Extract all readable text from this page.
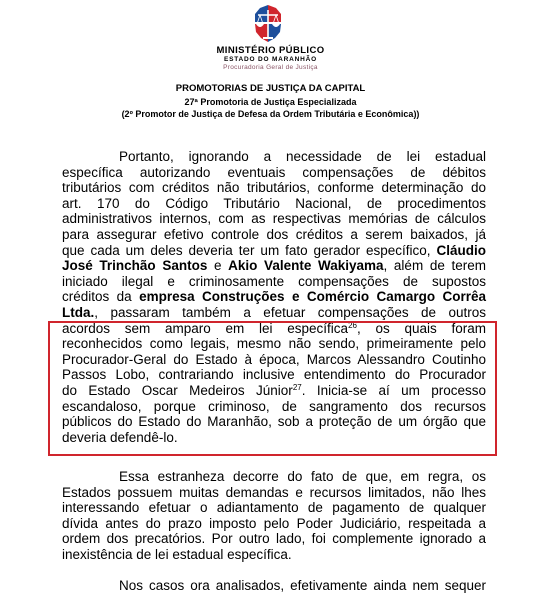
MINISTÉRIO PÚBLICO
ESTADO DO MARANHÃO
Procuradoria Geral de Justiça
PROMOTORIAS DE JUSTIÇA DA CAPITAL
27ª Promotoria de Justiça Especializada
(2º Promotor de Justiça de Defesa da Ordem Tributária e Econômica))
Portanto, ignorando a necessidade de lei estadual
específica autorizando eventuais compensações de débitos
tributários com créditos não tributários, conforme determinação do
art. 170 do Código Tributário Nacional, de procedimentos
administrativos internos, com as respectivas memórias de cálculos
para assegurar efetivo controle dos créditos a serem baixados, já
que cada um deles deveria ter um fato gerador específico, Cláudio
José Trinchão Santos e Akio Valente Wakiyama, além de terem
iniciado ilegal e criminosamente compensações de supostos
créditos da empresa Construções e Comércio Camargo Corrêa
Ltda., passaram também a efetuar compensações de outros
acordos sem amparo em lei específica$^{26}$, os quais foram
reconhecidos como legais, mesmo não sendo, primeiramente pelo
Procurador-Geral do Estado à época, Marcos Alessandro Coutinho
Passos Lobo, contrariando inclusive entendimento do Procurador
do Estado Oscar Medeiros Júnior$^{27}$. Inicia-se aí um processo
escandaloso, porque criminoso, de sangramento dos recursos
públicos do Estado do Maranhão, sob a proteção de um órgão que
deveria defendê-lo.
Essa estranheza decorre do fato de que, em regra, os
Estados possuem muitas demandas e recursos limitados, não lhes
interessando efetuar o adiantamento de pagamento de qualquer
dívida antes do prazo imposto pelo Poder Judiciário, respeitada a
ordem dos precatórios. Por outro lado, foi complemente ignorado a
inexistência de lei estadual específica.
Nos casos ora analisados, efetivamente ainda nem sequer
